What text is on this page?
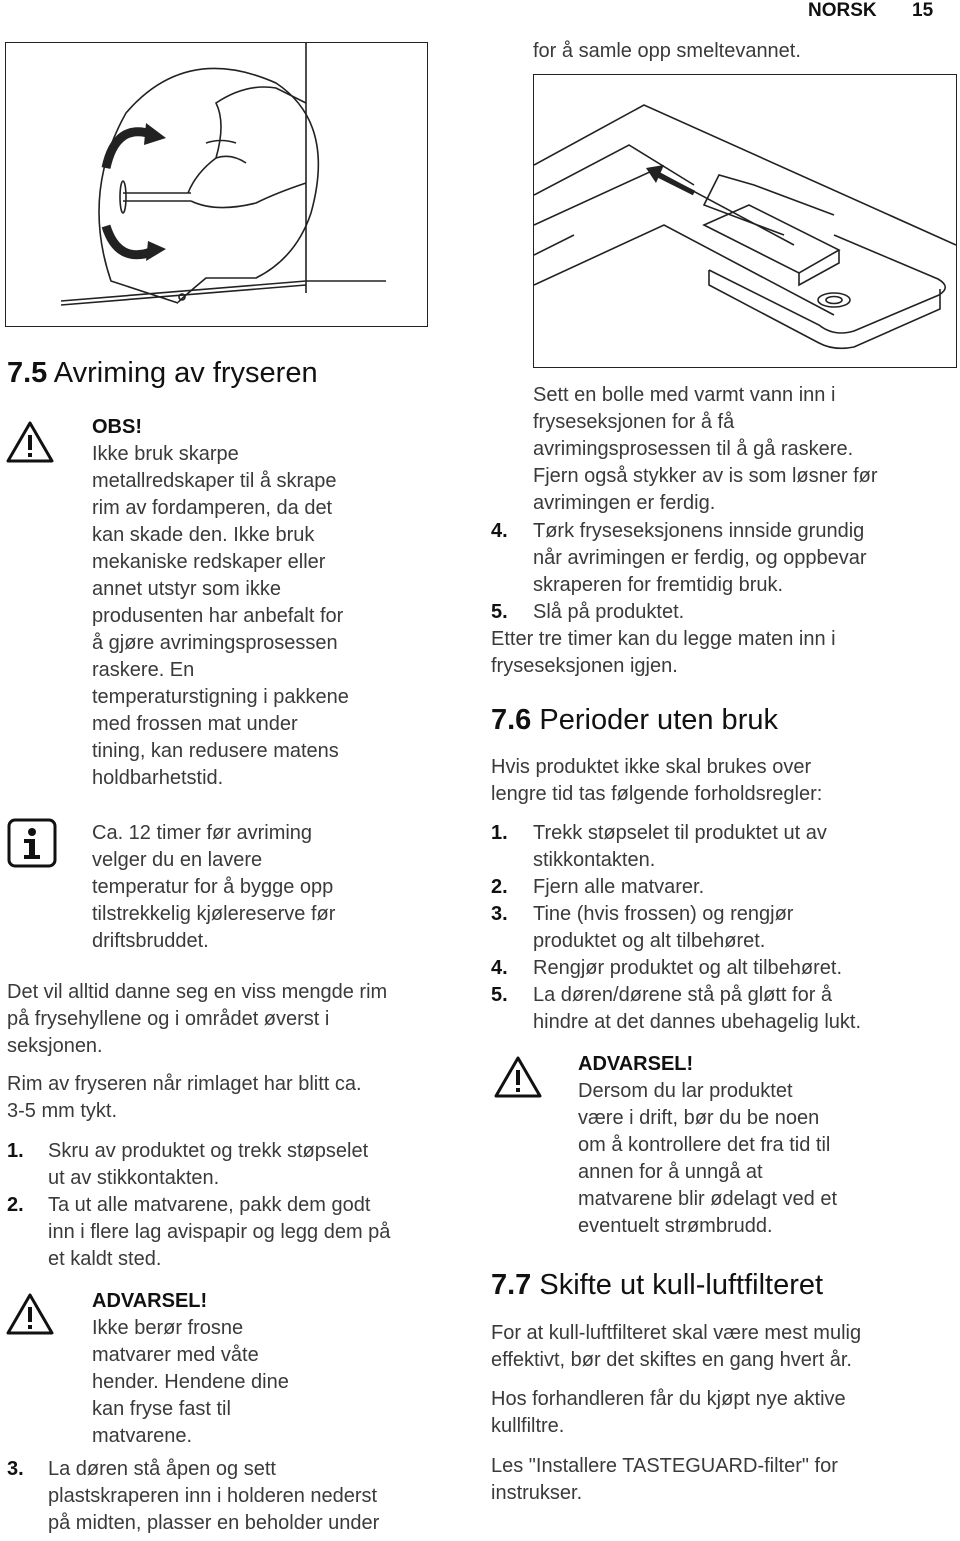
NORSK 15
7.5 Avriming av fryseren

OBS!

Ikke bruk skarpe

metallredskaper til å skrape

rim av fordamperen, da det

kan skade den. Ikke bruk

mekaniske redskaper eller

annet utstyr som ikke

produsenten har anbefalt for

å gjøre avrimingsprosessen

raskere. En

temperaturstigning i pakkene

med frossen mat under

tining, kan redusere matens

holdbarhetstid.

Ca. 12 timer før avriming

velger du en lavere

temperatur for å bygge opp

tilstrekkelig kjølereserve før

driftsbruddet.

Det vil alltid danne seg en viss mengde rim

på frysehyllene og i området øverst i

seksjonen.

Rim av fryseren når rimlaget har blitt ca.

3-5 mm tykt.

1. Skru av produktet og trekk støpselet
ut av stikkontakten.
2. Ta ut alle matvarene, pakk dem godt
inn i flere lag avispapir og legg dem på
et kaldt sted.

ADVARSEL!

Ikke berør frosne

matvarer med våte

hender. Hendene dine

kan fryse fast til

matvarene.

3. La døren stå åpen og sett
plastskraperen inn i holderen nederst
på midten, plasser en beholder under
for å samle opp smeltevannet.

Sett en bolle med varmt vann inn i

fryseseksjonen for å få

avrimingsprosessen til å gå raskere.

Fjern også stykker av is som løsner før

avrimingen er ferdig.

4. Tørk fryseseksjonens innside grundig
når avrimingen er ferdig, og oppbevar
skraperen for fremtidig bruk.
5. Slå på produktet.

Etter tre timer kan du legge maten inn i

fryseseksjonen igjen.

7.6 Perioder uten bruk

Hvis produktet ikke skal brukes over

lengre tid tas følgende forholdsregler:

1. Trekk støpselet til produktet ut av
stikkontakten.
2. Fjern alle matvarer.
3. Tine (hvis frossen) og rengjør
produktet og alt tilbehøret.
4. Rengjør produktet og alt tilbehøret.
5. La døren/dørene stå på gløtt for å
hindre at det dannes ubehagelig lukt.

ADVARSEL!

Dersom du lar produktet

være i drift, bør du be noen

om å kontrollere det fra tid til

annen for å unngå at

matvarene blir ødelagt ved et

eventuelt strømbrudd.

7.7 Skifte ut kull-luftfilteret

For at kull-luftfilteret skal være mest mulig

effektivt, bør det skiftes en gang hvert år.

Hos forhandleren får du kjøpt nye aktive

kullfiltre.

Les "Installere TASTEGUARD-filter" for

instrukser.
